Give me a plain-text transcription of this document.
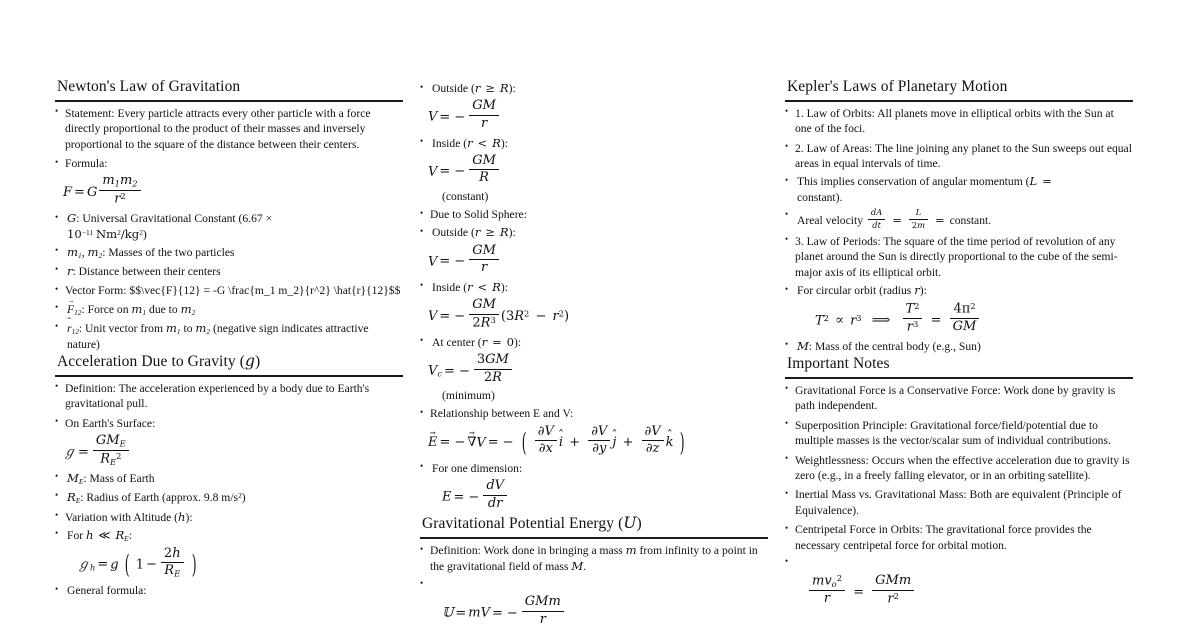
Newton's Law of Gravitation
• Statement: Every particle attracts every other particle with a force directly proportional to the product of their masses and inversely proportional to the square of the distance between their centers.
• Formula:
F = G $\frac{m_1m_2}{r^2}$
• G: Universal Gravitational Constant (6.67 ×
$10^{-11}$ $Nm^2/kg^2$)
• $m_1$, $m_2$: Masses of the two particles
• r: Distance between their centers
• Vector Form: $$\vec{F}{12} = -G \frac{m_1 m_2}{r^2} \hat{r}{12}$$
• $F \to_{12}$: Force on $m_1$ due to $m_2$
• r ˆ$_{12}$: Unit vector from $m_1$ to $m_2$ (negative sign indicates attractive nature)
Acceleration Due to Gravity (g)
• Definition: The acceleration experienced by a body due to Earth's gravitational pull.
• On Earth's Surface:
ℊ = $\frac{GM_E}{R_E^2}$
• $M_E$: Mass of Earth
• $R_E$: Radius of Earth (approx. 9.8 $m/s^2$)
• Variation with Altitude (h):
• For h ≪ $R_E$:
ℊ$_h$ = g ( $1 - \frac{2h}{R_E}$ )
• General formula:
• Outside (r ≥ R):
V = − $\frac{GM}{r}$
• Inside (r < R):
V = − $\frac{GM}{R}$
(constant)
• Due to Solid Sphere:
• Outside (r ≥ R):
V = − $\frac{GM}{r}$
• Inside (r < R):
V = − $\frac{GM}{2R^3} (3R^2 - r^2)$
• At center (r = 0):
$V_c$ = − $\frac{3GM}{2R}$
(minimum)
• Relationship between E and V:
E → = − ∇ →V = − ( $\frac{\partial V}{\partial x}$ i ˆ + $\frac{\partial V}{\partial y}$ j ˆ + $\frac{\partial V}{\partial z}$ k ˆ )
• For one dimension:
E = − $\frac{dV}{dr}$
Gravitational Potential Energy (U)
• Definition: Work done in bringing a mass m from infinity to a point in the gravitational field of mass M.
•
𝕌 = mV = − $\frac{\text{GMm}}{r}$
Kepler's Laws of Planetary Motion
• 1. Law of Orbits: All planets move in elliptical orbits with the Sun at one of the foci.
• 2. Law of Areas: The line joining any planet to the Sun sweeps out equal areas in equal intervals of time.
• This implies conservation of angular momentum (L =
constant).
• Areal velocity $\frac{dA}{dt} = \frac{L}{2m}$ = constant.
• 3. Law of Periods: The square of the time period of revolution of any planet around the Sun is directly proportional to the cube of the semi-major axis of its elliptical orbit.
• For circular orbit (radius r):
$T^2 \propto r^3$ ⟹ $\frac{T^2}{r^3} = \frac{4\pi^2}{GM}$
• M: Mass of the central body (e.g., Sun)
Important Notes
• Gravitational Force is a Conservative Force: Work done by gravity is path independent.
• Superposition Principle: Gravitational force/field/potential due to multiple masses is the vector/scalar sum of individual contributions.
• Weightlessness: Occurs when the effective acceleration due to gravity is zero (e.g., in a freely falling elevator, or in an orbiting satellite).
• Inertial Mass vs. Gravitational Mass: Both are equivalent (Principle of Equivalence).
• Centripetal Force in Orbits: The gravitational force provides the necessary centripetal force for orbital motion.
•
$\frac{mv_o^2}{r} = \frac{\text{GMm}}{r^2}$
